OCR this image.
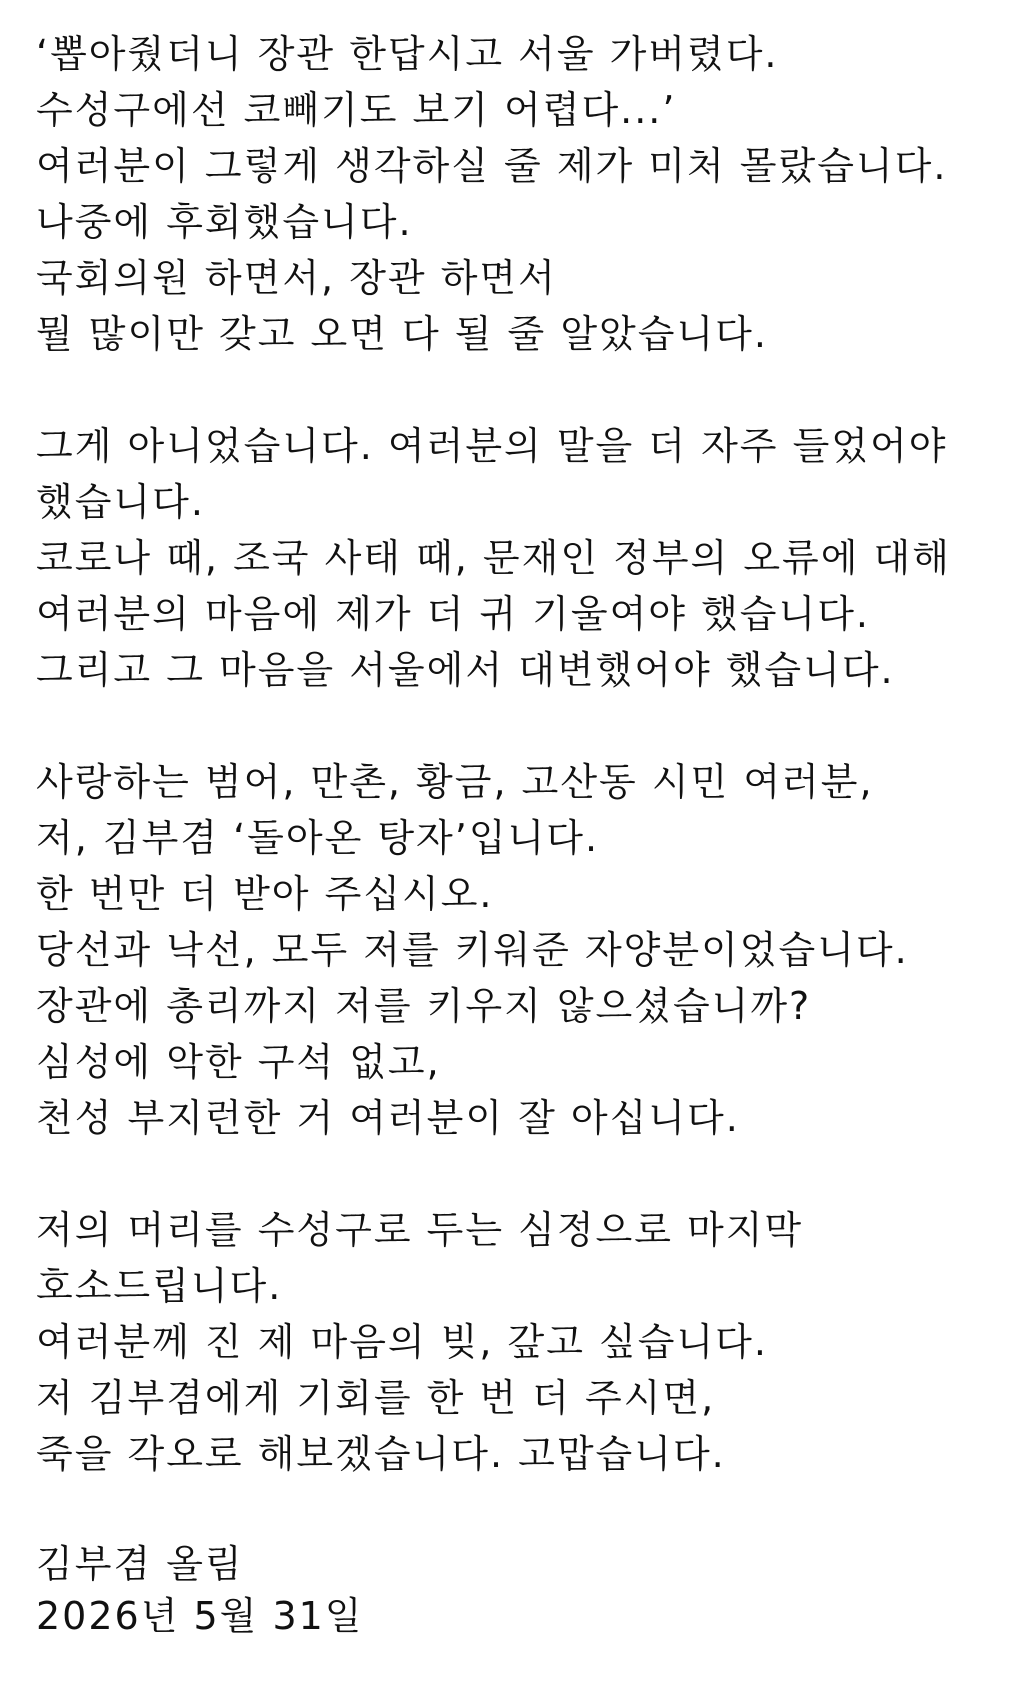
‘뽑아줬더니 장관 한답시고 서울 가버렸다.
수성구에선 코빼기도 보기 어렵다...’
여러분이 그렇게 생각하실 줄 제가 미처 몰랐습니다.
나중에 후회했습니다.
국회의원 하면서, 장관 하면서
뭘 많이만 갖고 오면 다 될 줄 알았습니다.
그게 아니었습니다. 여러분의 말을 더 자주 들었어야
했습니다.
코로나 때, 조국 사태 때, 문재인 정부의 오류에 대해
여러분의 마음에 제가 더 귀 기울여야 했습니다.
그리고 그 마음을 서울에서 대변했어야 했습니다.
사랑하는 범어, 만촌, 황금, 고산동 시민 여러분,
저, 김부겸 ‘돌아온 탕자’입니다.
한 번만 더 받아 주십시오.
당선과 낙선, 모두 저를 키워준 자양분이었습니다.
장관에 총리까지 저를 키우지 않으셨습니까?
심성에 악한 구석 없고,
천성 부지런한 거 여러분이 잘 아십니다.
저의 머리를 수성구로 두는 심정으로 마지막
호소드립니다.
여러분께 진 제 마음의 빚, 갚고 싶습니다.
저 김부겸에게 기회를 한 번 더 주시면,
죽을 각오로 해보겠습니다. 고맙습니다.
김부겸 올림
2026년 5월 31일
